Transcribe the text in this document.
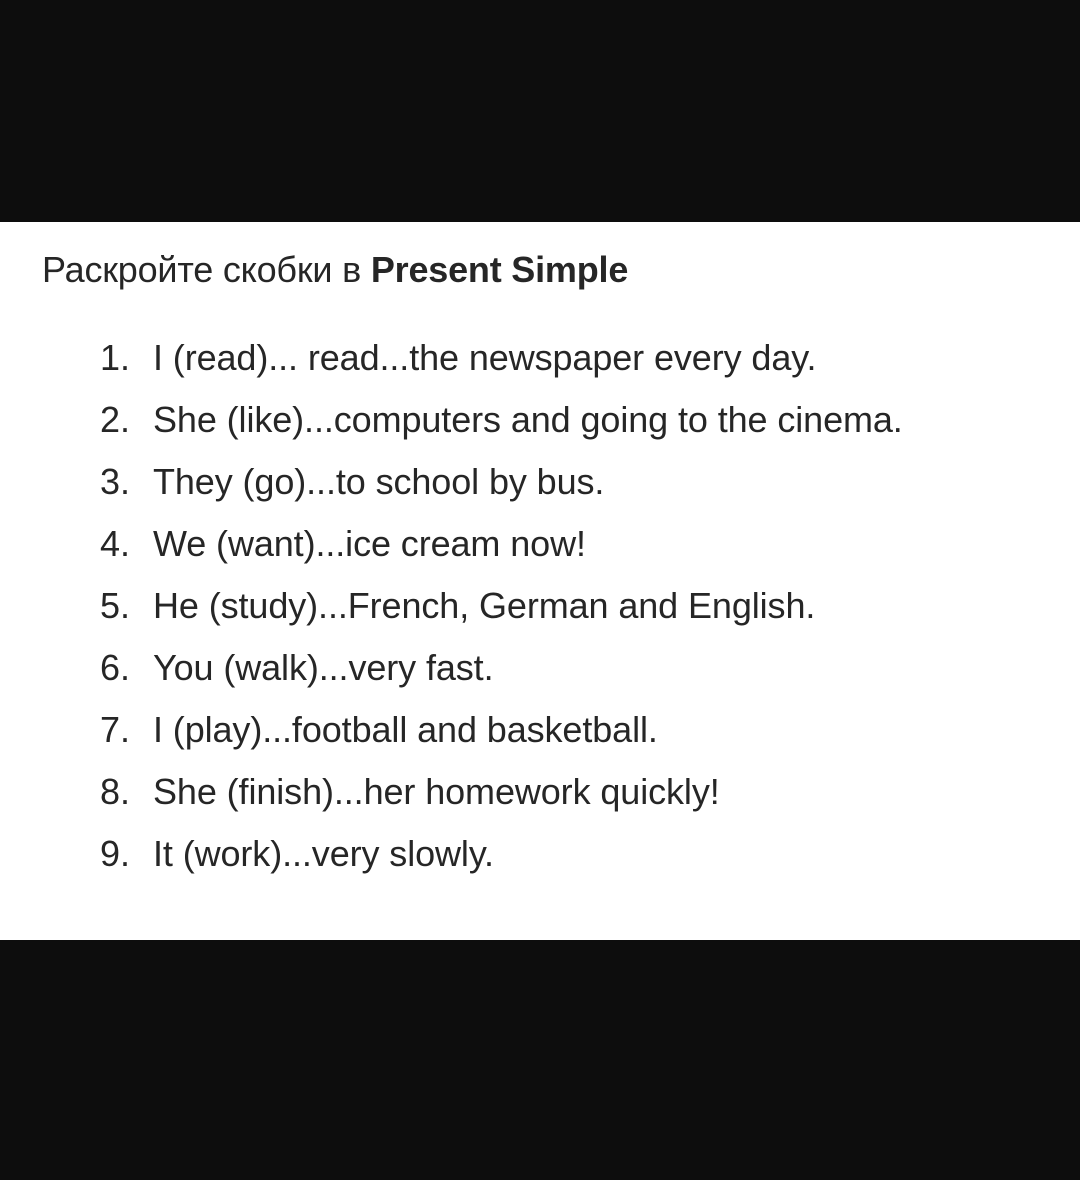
Раскройте скобки в Present Simple
1. I (read)... read...the newspaper every day.
2. She (like)...computers and going to the cinema.
3. They (go)...to school by bus.
4. We (want)...ice cream now!
5. He (study)...French, German and English.
6. You (walk)...very fast.
7. I (play)...football and basketball.
8. She (finish)...her homework quickly!
9. It (work)...very slowly.
